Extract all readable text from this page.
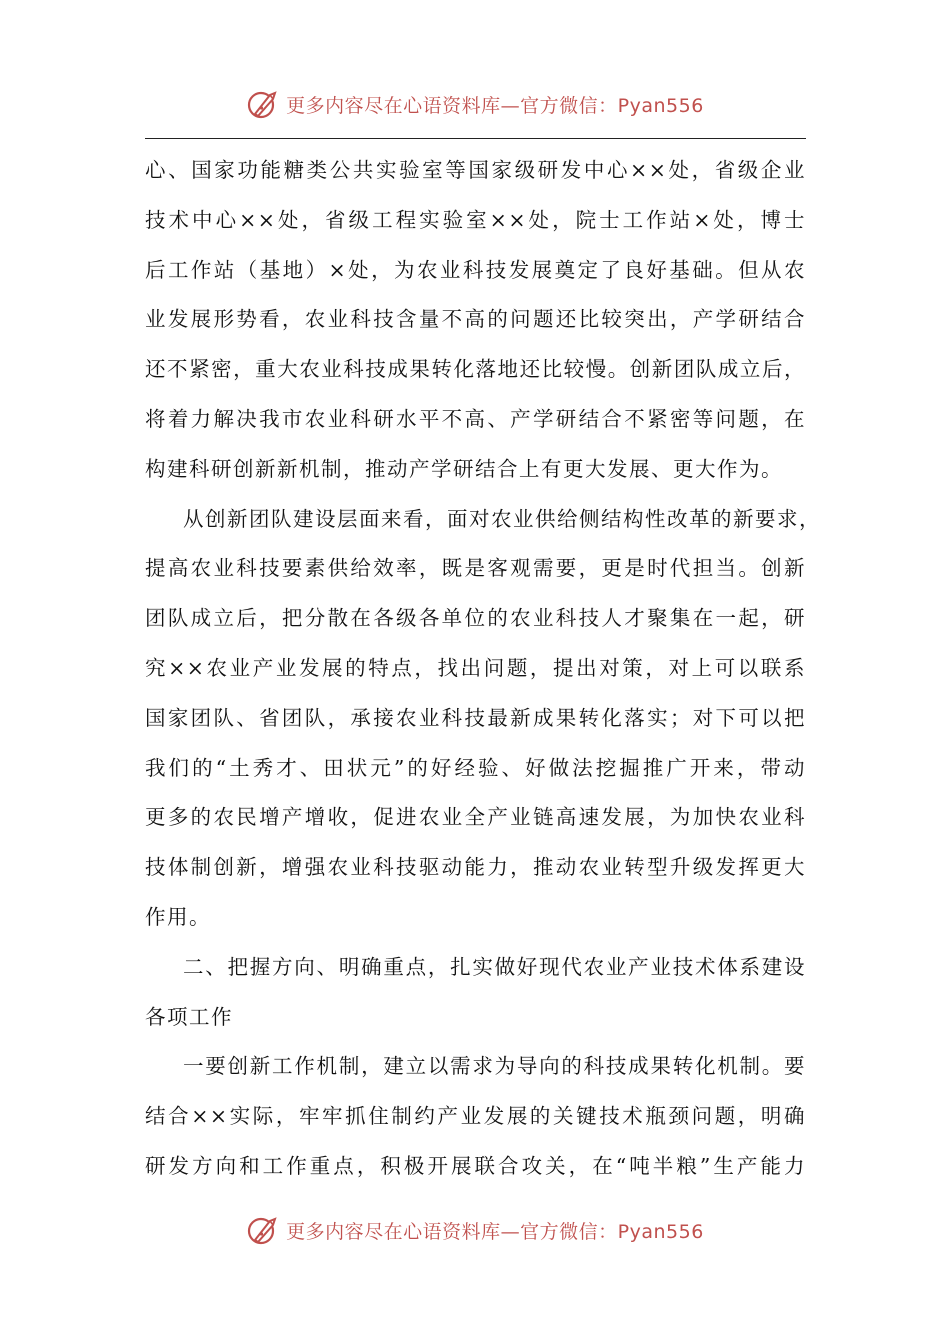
更多内容尽在心语资料库—官方微信：Pyan556
心、国家功能糖类公共实验室等国家级研发中心××处，省级企业
技术中心××处，省级工程实验室××处，院士工作站×处，博士
后工作站（基地）×处，为农业科技发展奠定了良好基础。但从农
业发展形势看，农业科技含量不高的问题还比较突出，产学研结合
还不紧密，重大农业科技成果转化落地还比较慢。创新团队成立后，
将着力解决我市农业科研水平不高、产学研结合不紧密等问题，在
构建科研创新新机制，推动产学研结合上有更大发展、更大作为。
从创新团队建设层面来看，面对农业供给侧结构性改革的新要求，
提高农业科技要素供给效率，既是客观需要，更是时代担当。创新
团队成立后，把分散在各级各单位的农业科技人才聚集在一起，研
究××农业产业发展的特点，找出问题，提出对策，对上可以联系
国家团队、省团队，承接农业科技最新成果转化落实；对下可以把
我们的“土秀才、田状元”的好经验、好做法挖掘推广开来，带动
更多的农民增产增收，促进农业全产业链高速发展，为加快农业科
技体制创新，增强农业科技驱动能力，推动农业转型升级发挥更大
作用。
二、把握方向、明确重点，扎实做好现代农业产业技术体系建设
各项工作
一要创新工作机制，建立以需求为导向的科技成果转化机制。要
结合××实际，牢牢抓住制约产业发展的关键技术瓶颈问题，明确
研发方向和工作重点，积极开展联合攻关，在“吨半粮”生产能力
更多内容尽在心语资料库—官方微信：Pyan556
